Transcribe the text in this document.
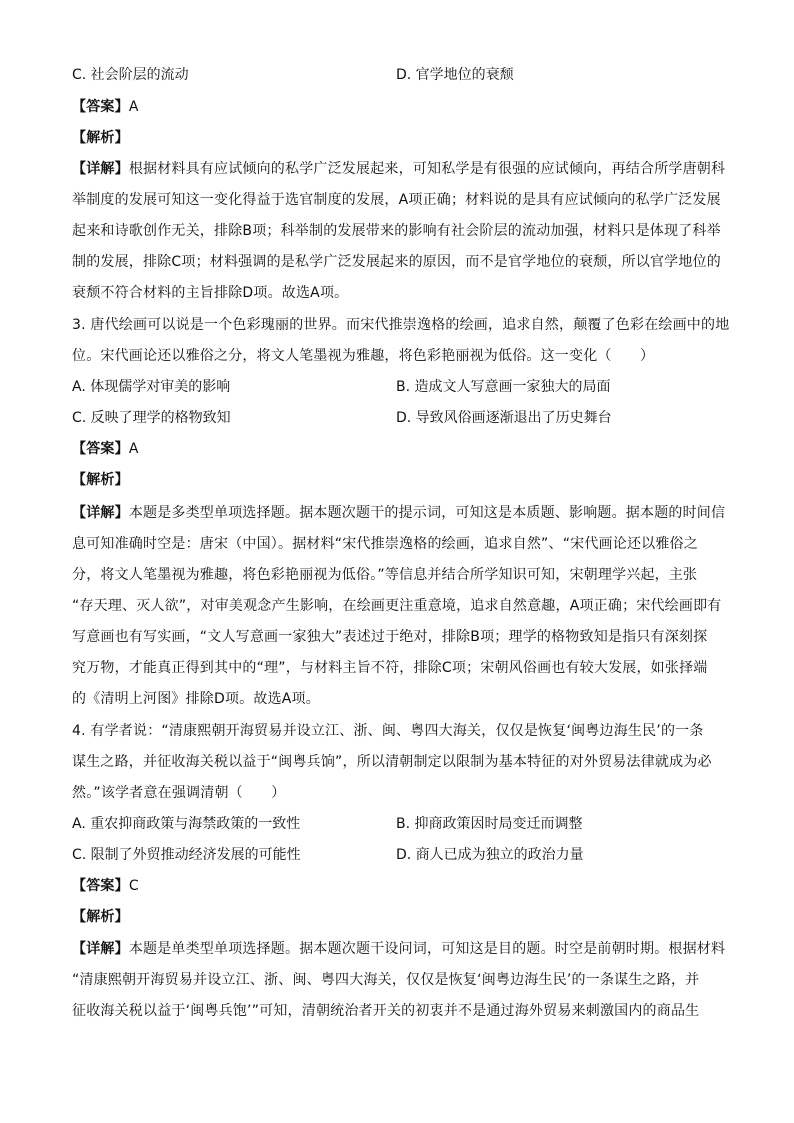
C. 社会阶层的流动	D. 官学地位的衰颓
【答案】A
【解析】
【详解】根据材料具有应试倾向的私学广泛发展起来，可知私学是有很强的应试倾向，再结合所学唐朝科
举制度的发展可知这一变化得益于选官制度的发展，A项正确；材料说的是具有应试倾向的私学广泛发展
起来和诗歌创作无关，排除B项；科举制的发展带来的影响有社会阶层的流动加强，材料只是体现了科举
制的发展，排除C项；材料强调的是私学广泛发展起来的原因，而不是官学地位的衰颓，所以官学地位的
衰颓不符合材料的主旨排除D项。故选A项。
3. 唐代绘画可以说是一个色彩瑰丽的世界。而宋代推崇逸格的绘画，追求自然，颠覆了色彩在绘画中的地
位。宋代画论还以雅俗之分，将文人笔墨视为雅趣，将色彩艳丽视为低俗。这一变化（　　）
A. 体现儒学对审美的影响	B. 造成文人写意画一家独大的局面
C. 反映了理学的格物致知	D. 导致风俗画逐渐退出了历史舞台
【答案】A
【解析】
【详解】本题是多类型单项选择题。据本题次题干的提示词，可知这是本质题、影响题。据本题的时间信
息可知准确时空是：唐宋（中国）。据材料“宋代推崇逸格的绘画，追求自然”、“宋代画论还以雅俗之
分，将文人笔墨视为雅趣，将色彩艳丽视为低俗。”等信息并结合所学知识可知，宋朝理学兴起，主张
“存天理、灭人欲”，对审美观念产生影响，在绘画更注重意境，追求自然意趣，A项正确；宋代绘画即有
写意画也有写实画，“文人写意画一家独大”表述过于绝对，排除B项；理学的格物致知是指只有深刻探
究万物，才能真正得到其中的“理”，与材料主旨不符，排除C项；宋朝风俗画也有较大发展，如张择端
的《清明上河图》排除D项。故选A项。
4. 有学者说：“清康熙朝开海贸易并设立江、浙、闽、粤四大海关，仅仅是恢复‘闽粤边海生民’的一条
谋生之路，并征收海关税以益于“闽粤兵饷”，所以清朝制定以限制为基本特征的对外贸易法律就成为必
然。”该学者意在强调清朝（　　）
A. 重农抑商政策与海禁政策的一致性	B. 抑商政策因时局变迁而调整
C. 限制了外贸推动经济发展的可能性	D. 商人已成为独立的政治力量
【答案】C
【解析】
【详解】本题是单类型单项选择题。据本题次题干设问词，可知这是目的题。时空是前朝时期。根据材料
“清康熙朝开海贸易并设立江、浙、闽、粤四大海关，仅仅是恢复‘闽粤边海生民’的一条谋生之路，并
征收海关税以益于‘闽粤兵饱’”可知，清朝统治者开关的初衷并不是通过海外贸易来刺激国内的商品生
